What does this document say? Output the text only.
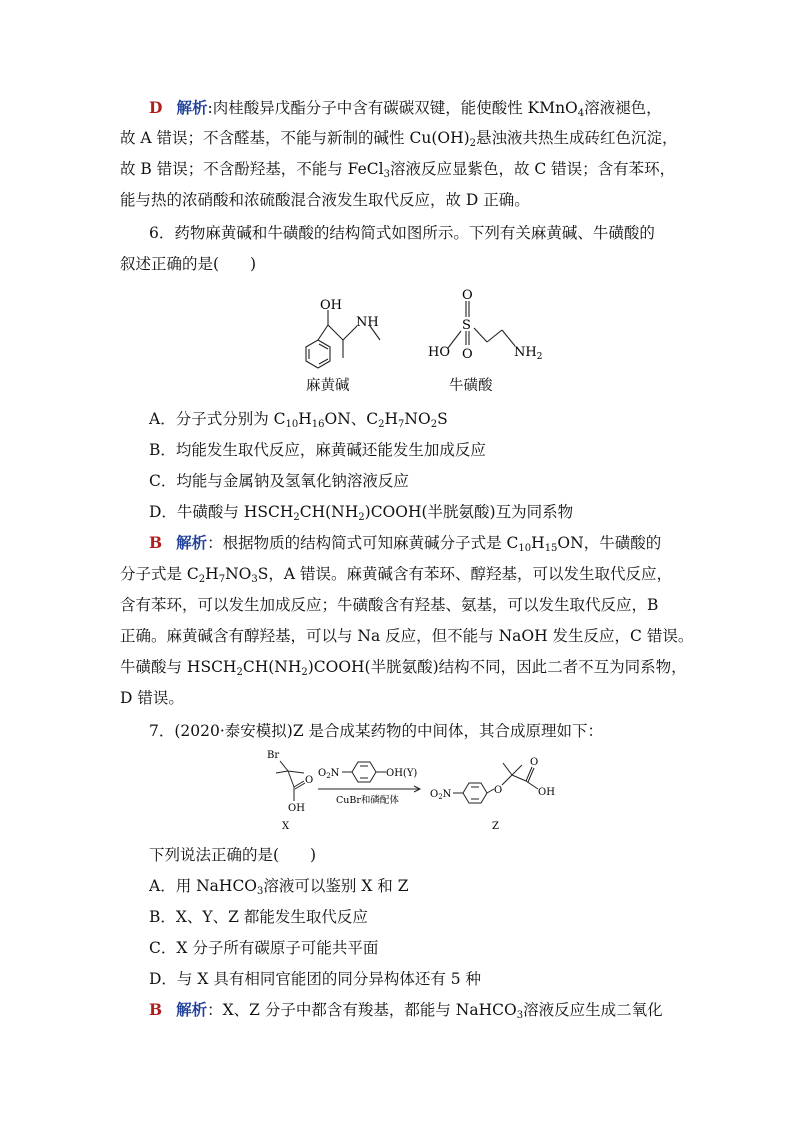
D 解析:肉桂酸异戊酯分子中含有碳碳双键，能使酸性 KMnO$_4$溶液褪色，
故 A 错误；不含醛基，不能与新制的碱性 $Cu(OH)_2$悬浊液共热生成砖红色沉淀，
故 B 错误；不含酚羟基，不能与 FeCl$_3$溶液反应显紫色，故 C 错误；含有苯环，
能与热的浓硝酸和浓硫酸混合液发生取代反应，故 D 正确。
6．药物麻黄碱和牛磺酸的结构简式如图所示。下列有关麻黄碱、牛磺酸的
叙述正确的是(　　)
OH
NH
O
S
O
HO	$NH_2$
麻黄碱	牛磺酸
A．分子式分别为 $C_{10}H_{16}ON$、$C_2H_7NO_2S$
B．均能发生取代反应，麻黄碱还能发生加成反应
C．均能与金属钠及氢氧化钠溶液反应
D．牛磺酸与 $HSCH_2CH(NH_2)COOH$(半胱氨酸)互为同系物
B 解析：根据物质的结构简式可知麻黄碱分子式是 $C_{10}H_{15}ON$，牛磺酸的
分子式是 $C_2H_7NO_3S$，A 错误。麻黄碱含有苯环、醇羟基，可以发生取代反应，
含有苯环，可以发生加成反应；牛磺酸含有羟基、氨基，可以发生取代反应，B
正确。麻黄碱含有醇羟基，可以与 Na 反应，但不能与 NaOH 发生反应，C 错误。
牛磺酸与 $HSCH_2CH(NH_2)COOH$(半胱氨酸)结构不同，因此二者不互为同系物，
D 错误。
7．(2020·泰安模拟)Z 是合成某药物的中间体，其合成原理如下：
Br
O
OH
$O_2N$	OH(Y)
CuBr和磷配体
$O_2N$	O
O
OH
X	Z
下列说法正确的是(　　)
A．用 NaHCO$_3$溶液可以鉴别 X 和 Z
B．X、Y、Z 都能发生取代反应
C．X 分子所有碳原子可能共平面
D．与 X 具有相同官能团的同分异构体还有 5 种
B 解析：X、Z 分子中都含有羧基，都能与 NaHCO$_3$溶液反应生成二氧化
